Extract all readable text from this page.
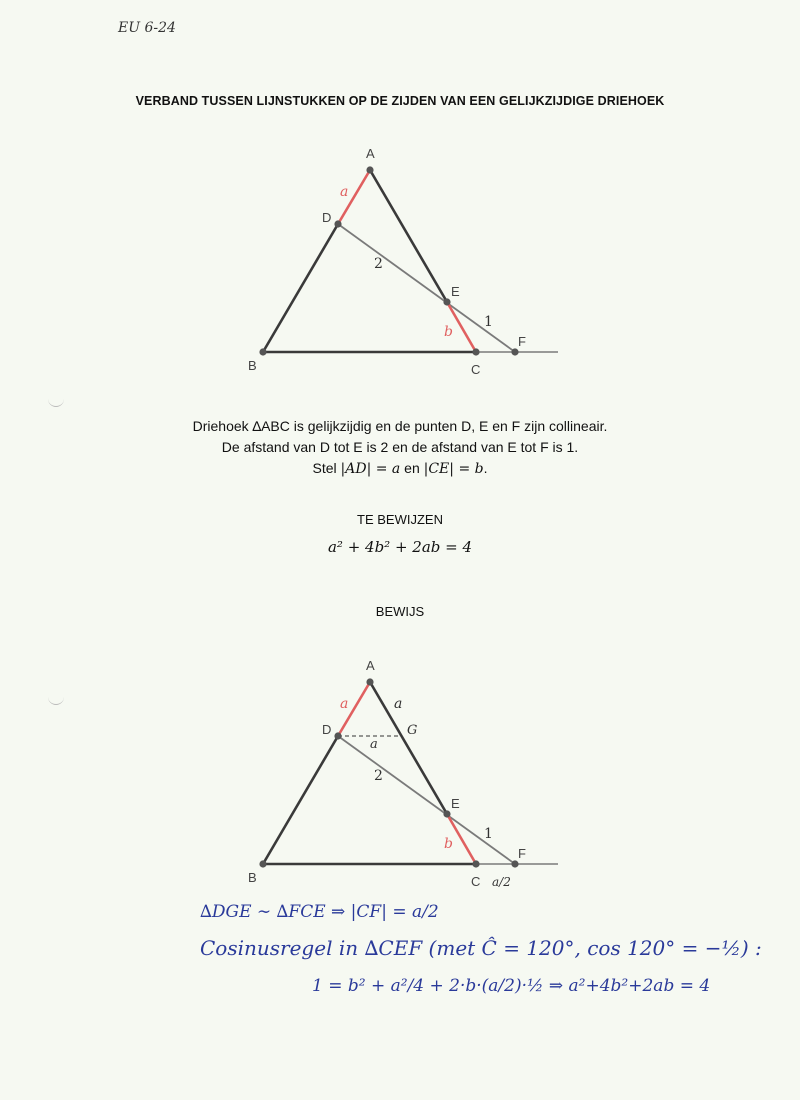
EU 6-24
VERBAND TUSSEN LIJNSTUKKEN OP DE ZIJDEN VAN EEN GELIJKZIJDIGE DRIEHOEK
A
D
E
B	C
F
a
b
2
1
Driehoek ∆ABC is gelijkzijdig en de punten D, E en F zijn collineair.
De afstand van D tot E is 2 en de afstand van E tot F is 1.
Stel |AD| = a en |CE| = b.
TE BEWIJZEN
a² + 4b² + 2ab = 4
BEWIJS
A
D
E
B	C
F
G
a	a
a
b
2
1
a/2
∆DGE ∼ ∆FCE ⇒ |CF| = a/2
Cosinusregel in ∆CEF (met Ĉ = 120°, cos 120° = −½) :
1 = b² + a²/4 + 2·b·(a/2)·½ ⇒ a²+4b²+2ab = 4
